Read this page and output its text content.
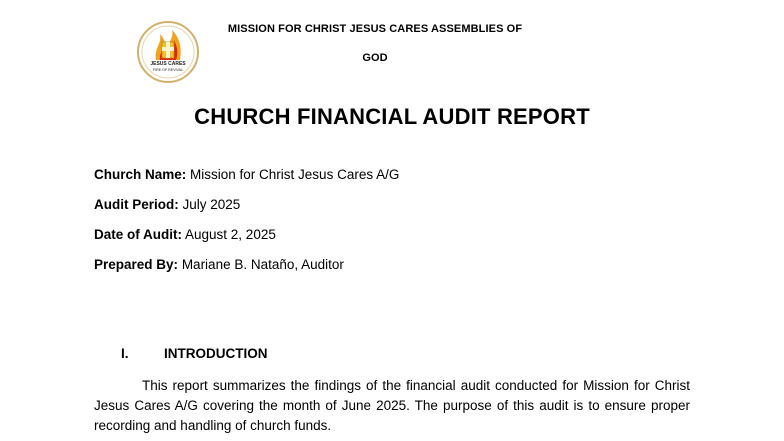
JESUS CARES
FIRE OF REVIVAL
MISSION FOR CHRIST JESUS CARES ASSEMBLIES OF
GOD
CHURCH FINANCIAL AUDIT REPORT
Church Name: Mission for Christ Jesus Cares A/G
Audit Period: July 2025
Date of Audit: August 2, 2025
Prepared By: Mariane B. Nataño, Auditor
I.	INTRODUCTION
This report summarizes the findings of the financial audit conducted for Mission for Christ Jesus Cares A/G covering the month of June 2025. The purpose of this audit is to ensure proper recording and handling of church funds.
